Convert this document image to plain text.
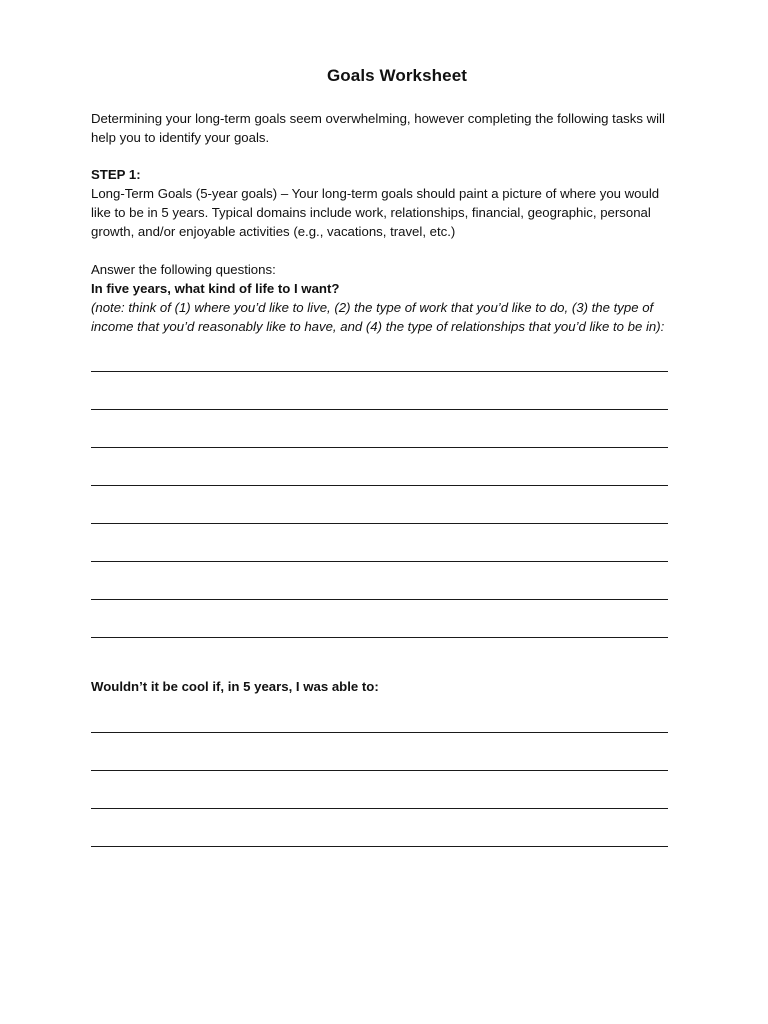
Goals Worksheet
Determining your long-term goals seem overwhelming, however completing the following tasks will
help you to identify your goals.
STEP 1:
Long-Term Goals (5-year goals) – Your long-term goals should paint a picture of where you would
like to be in 5 years. Typical domains include work, relationships, financial, geographic, personal
growth, and/or enjoyable activities (e.g., vacations, travel, etc.)
Answer the following questions:
In five years, what kind of life to I want?
(note: think of (1) where you’d like to live, (2) the type of work that you’d like to do, (3) the type of
income that you’d reasonably like to have, and (4) the type of relationships that you’d like to be in):
Wouldn’t it be cool if, in 5 years, I was able to:
